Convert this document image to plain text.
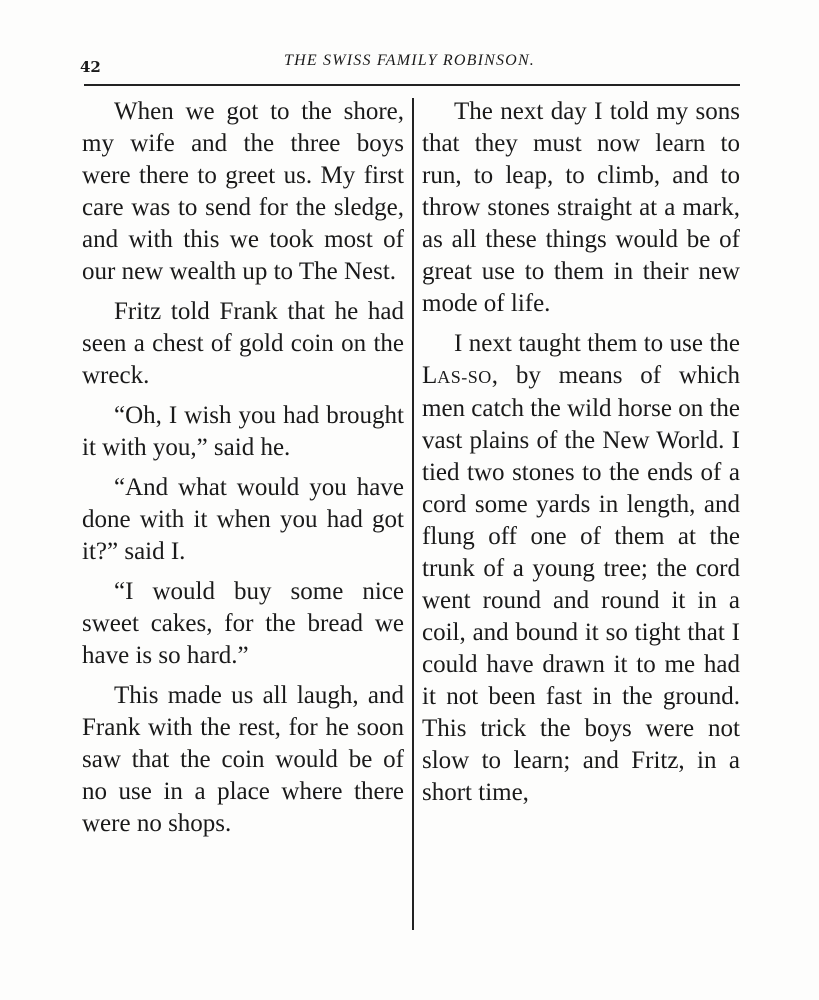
42	THE SWISS FAMILY ROBINSON.

When we got to the shore, my wife and the three boys were there to greet us. My first care was to send for the sledge, and with this we took most of our new wealth up to The Nest.

Fritz told Frank that he had seen a chest of gold coin on the wreck.

“Oh, I wish you had brought it with you,” said he.

“And what would you have done with it when you had got it?” said I.

“I would buy some nice sweet cakes, for the bread we have is so hard.”

This made us all laugh, and Frank with the rest, for he soon saw that the coin would be of no use in a place where there were no shops.

The next day I told my sons that they must now learn to run, to leap, to climb, and to throw stones straight at a mark, as all these things would be of great use to them in their new mode of life.

I next taught them to use the LAS-SO, by means of which men catch the wild horse on the vast plains of the New World. I tied two stones to the ends of a cord some yards in length, and flung off one of them at the trunk of a young tree; the cord went round and round it in a coil, and bound it so tight that I could have drawn it to me had it not been fast in the ground. This trick the boys were not slow to learn; and Fritz, in a short time,
